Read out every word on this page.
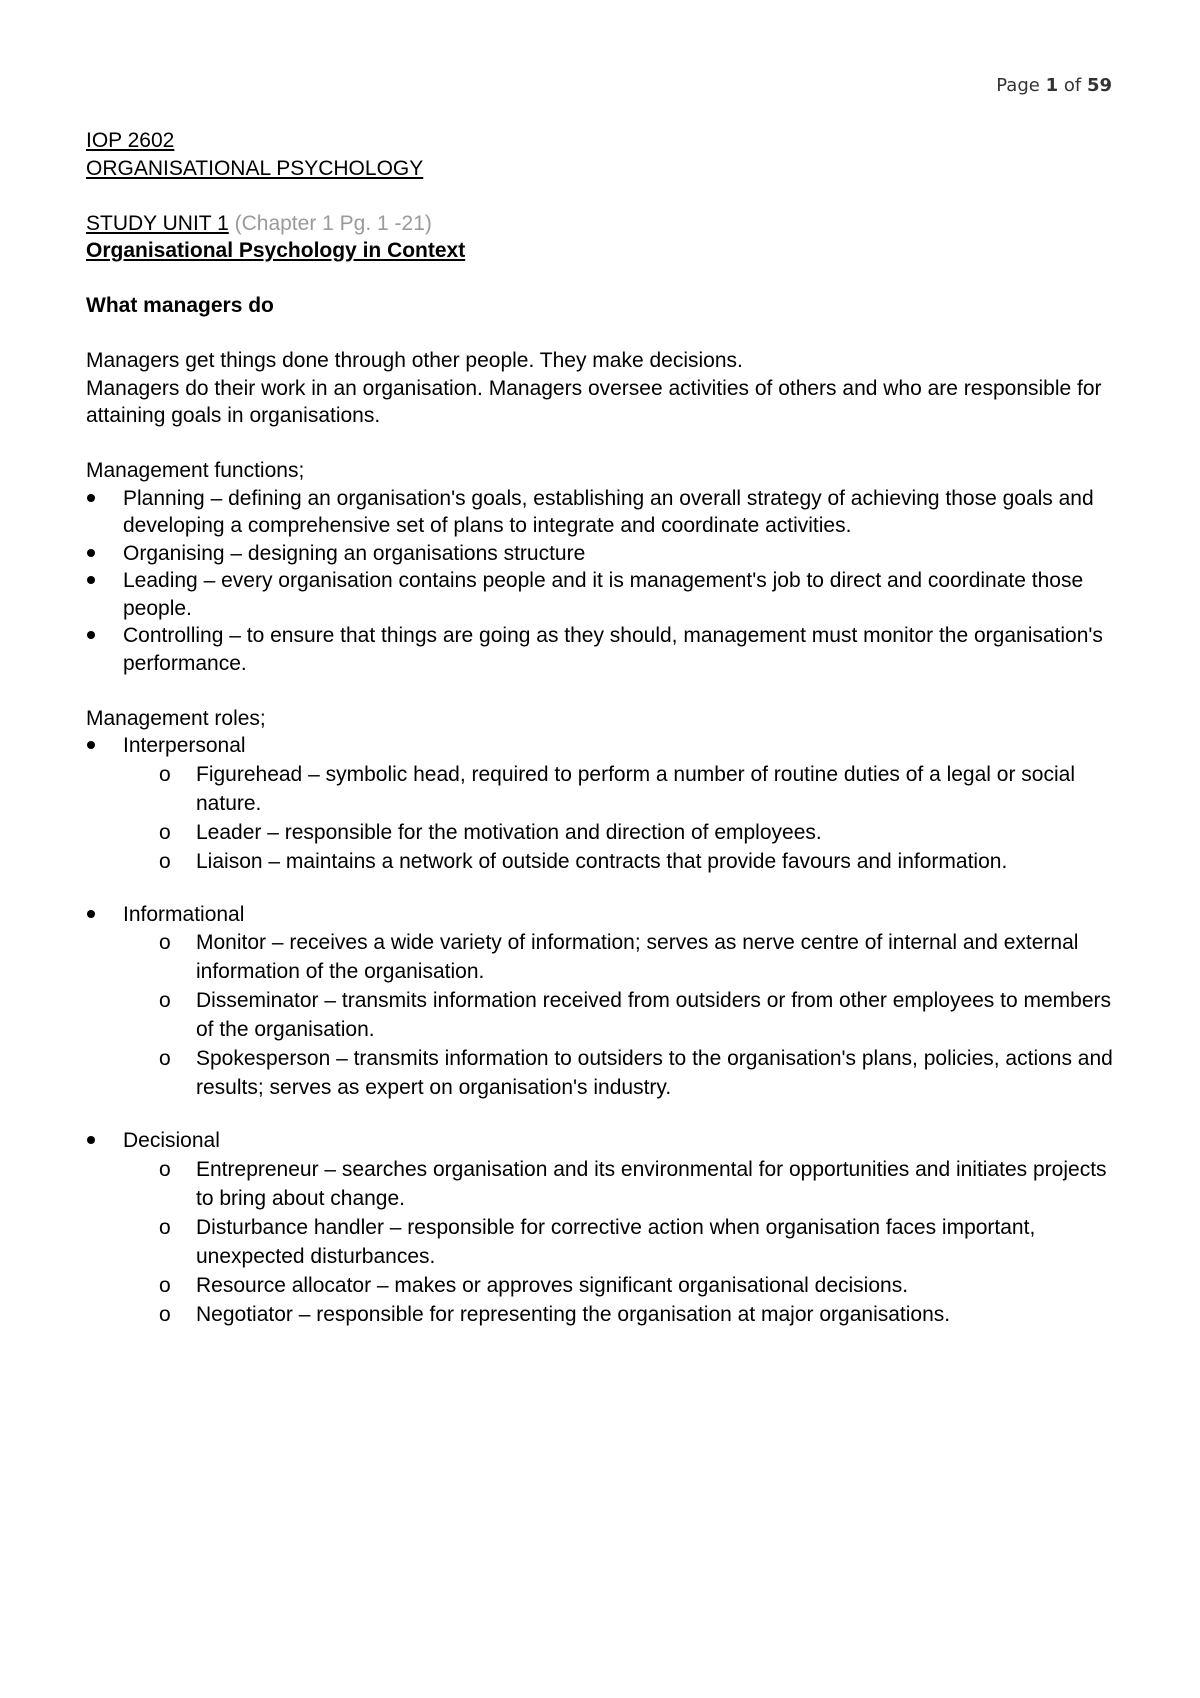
Page 1 of 59
IOP 2602
ORGANISATIONAL PSYCHOLOGY
STUDY UNIT 1 (Chapter 1 Pg. 1 -21)
Organisational Psychology in Context
What managers do

Managers get things done through other people. They make decisions.

Managers do their work in an organisation. Managers oversee activities of others and who are responsible for attaining goals in organisations.

Management functions;
Planning – defining an organisation's goals, establishing an overall strategy of achieving those goals and developing a comprehensive set of plans to integrate and coordinate activities.
Organising – designing an organisations structure
Leading – every organisation contains people and it is management's job to direct and coordinate those people.
Controlling – to ensure that things are going as they should, management must monitor the organisation's performance.
Management roles;
Interpersonal
o Figurehead – symbolic head, required to perform a number of routine duties of a legal or social nature.
o Leader – responsible for the motivation and direction of employees.
o Liaison – maintains a network of outside contracts that provide favours and information.
Informational
o Monitor – receives a wide variety of information; serves as nerve centre of internal and external information of the organisation.
o Disseminator – transmits information received from outsiders or from other employees to members of the organisation.
o Spokesperson – transmits information to outsiders to the organisation's plans, policies, actions and results; serves as expert on organisation's industry.
Decisional
o Entrepreneur – searches organisation and its environmental for opportunities and initiates projects to bring about change.
o Disturbance handler – responsible for corrective action when organisation faces important, unexpected disturbances.
o Resource allocator – makes or approves significant organisational decisions.
o Negotiator – responsible for representing the organisation at major organisations.
